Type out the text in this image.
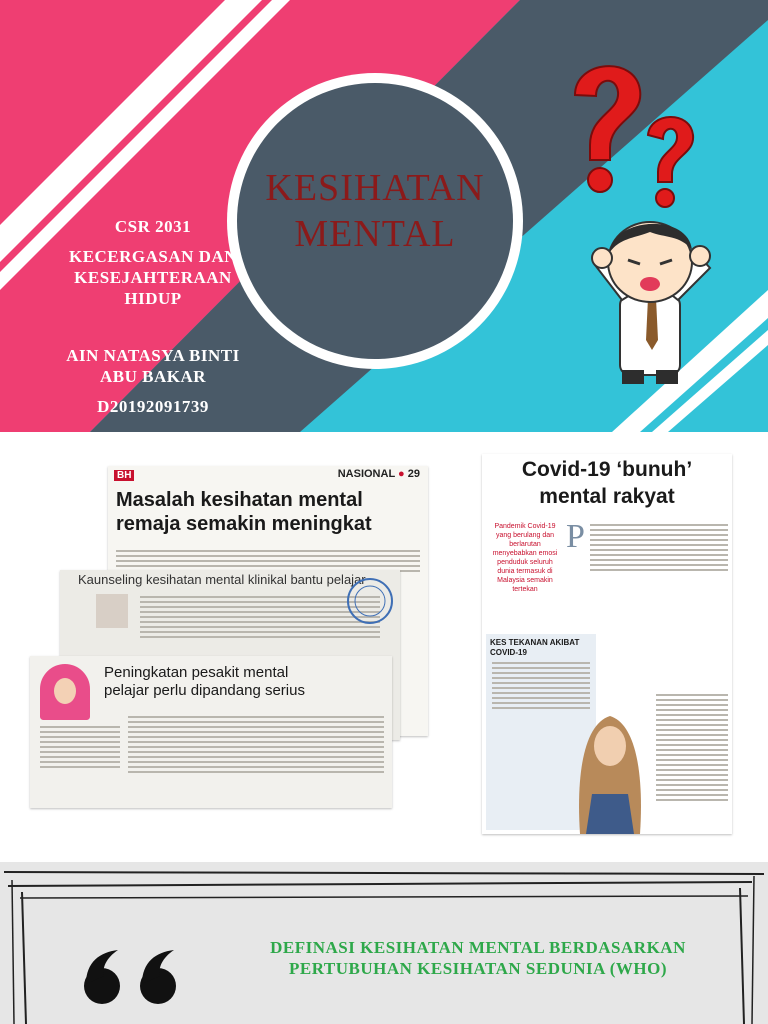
KESIHATAN
MENTAL
CSR 2031
KECERGASAN DAN
KESEJAHTERAAN
HIDUP
AIN NATASYA BINTI
ABU BAKAR
D20192091739
BH	NASIONAL ● 29
Masalah kesihatan mental
remaja semakin meningkat
Kaunseling kesihatan mental klinikal bantu pelajar
Peningkatan pesakit mental
pelajar perlu dipandang serius
Covid-19 ‘bunuh’
mental rakyat
Pandemik Covid-19 yang berulang dan berlarutan menyebabkan emosi penduduk seluruh dunia termasuk di Malaysia semakin tertekan
P
KES TEKANAN AKIBAT COVID-19
DEFINASI KESIHATAN MENTAL BERDASARKAN
PERTUBUHAN KESIHATAN SEDUNIA (WHO)
